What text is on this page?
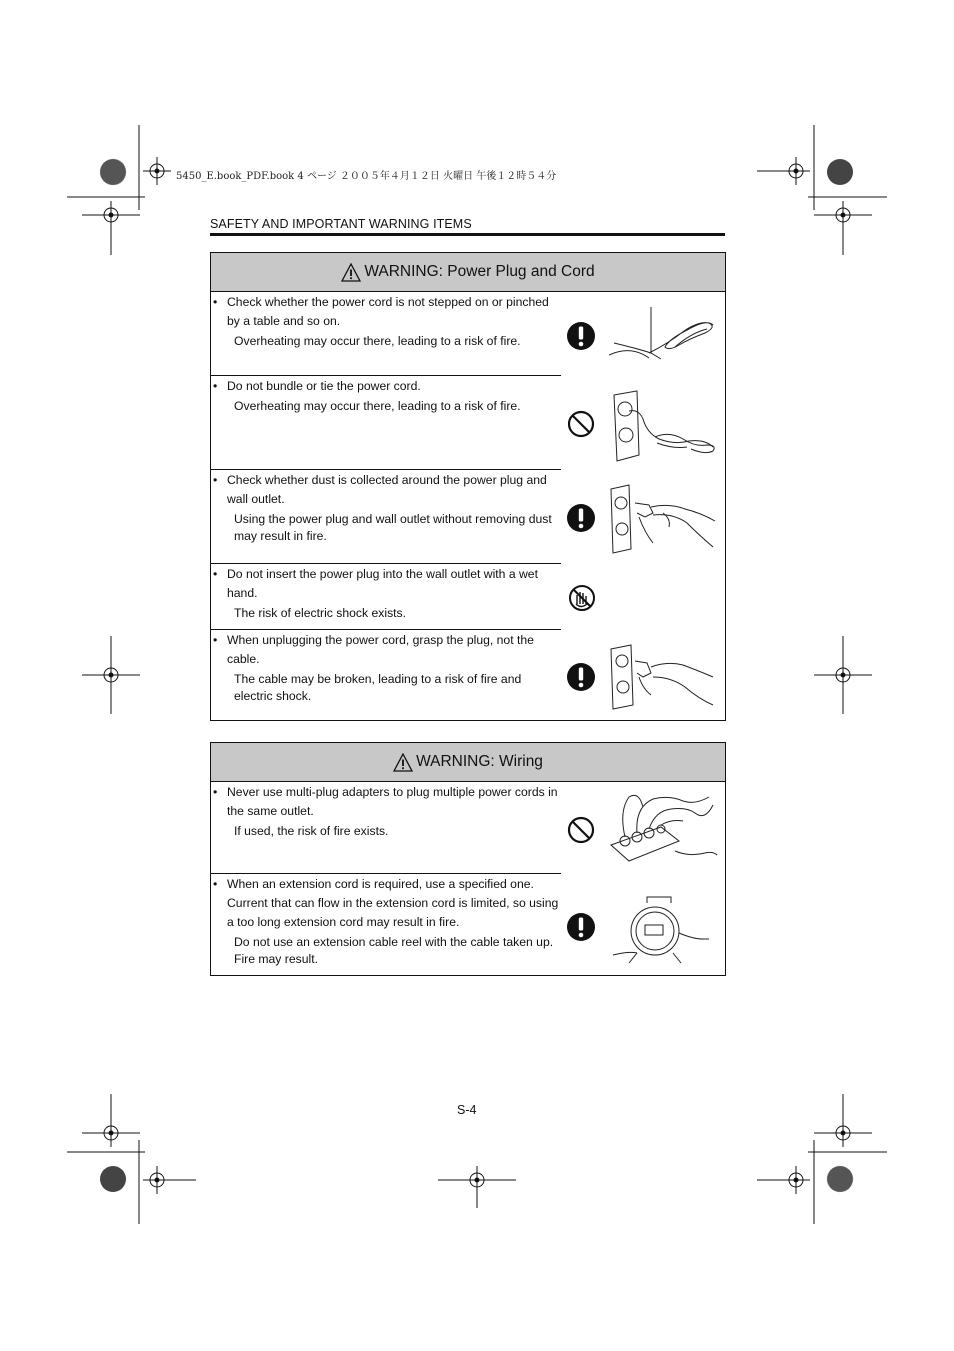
5450_E.book_PDF.book 4 ページ ２００５年４月１２日 火曜日 午後１２時５４分
SAFETY AND IMPORTANT WARNING ITEMS
WARNING: Power Plug and Cord
• Check whether the power cord is not stepped on or pinched by a table and so on.
Overheating may occur there, leading to a risk of fire.
• Do not bundle or tie the power cord.
Overheating may occur there, leading to a risk of fire.
• Check whether dust is collected around the power plug and wall outlet.
Using the power plug and wall outlet without removing dust may result in fire.
• Do not insert the power plug into the wall outlet with a wet hand.
The risk of electric shock exists.
• When unplugging the power cord, grasp the plug, not the cable.
The cable may be broken, leading to a risk of fire and electric shock.
WARNING: Wiring
• Never use multi-plug adapters to plug multiple power cords in the same outlet.
If used, the risk of fire exists.
• When an extension cord is required, use a specified one. Current that can flow in the extension cord is limited, so using a too long extension cord may result in fire.
Do not use an extension cable reel with the cable taken up. Fire may result.
S-4
